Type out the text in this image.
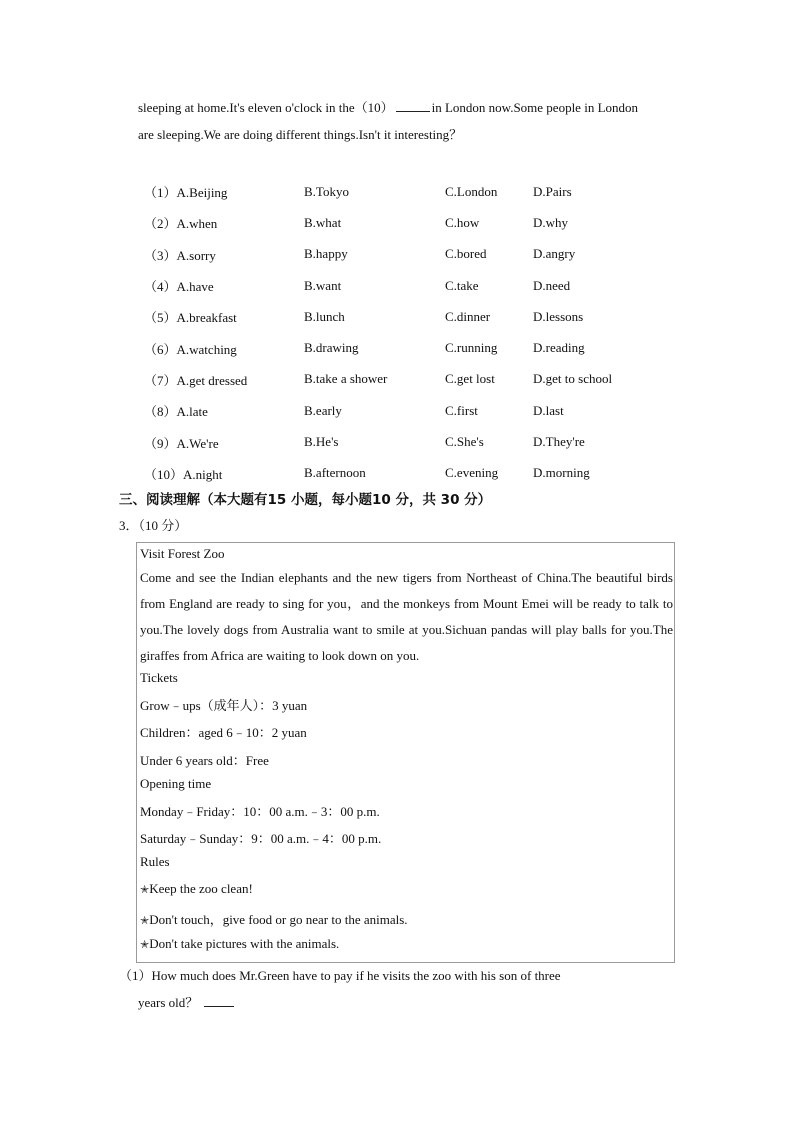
sleeping at home.It's eleven o'clock in the（10）	in London now.Some people in London
are sleeping.We are doing different things.Isn't it interesting？
（1）A.Beijing	B.Tokyo	C.London	D.Pairs
（2）A.when	B.what	C.how	D.why
（3）A.sorry	B.happy	C.bored	D.angry
（4）A.have	B.want	C.take	D.need
（5）A.breakfast	B.lunch	C.dinner	D.lessons
（6）A.watching	B.drawing	C.running	D.reading
（7）A.get dressed	B.take a shower	C.get lost	D.get to school
（8）A.late	B.early	C.first	D.last
（9）A.We're	B.He's	C.She's	D.They're
（10）A.night	B.afternoon	C.evening	D.morning
三、阅读理解（本大题有15 小题，每小题10 分，共 30 分）
3．（10 分）
Visit Forest Zoo
Come and see the Indian elephants and the new tigers from Northeast of China.The beautiful birds from England are ready to sing for you，and the monkeys from Mount Emei will be ready to talk to you.The lovely dogs from Australia want to smile at you.Sichuan pandas will play balls for you.The giraffes from Africa are waiting to look down on you.
Tickets
Grow﹣ups（成年人）：3 yuan
Children：aged 6﹣10：2 yuan
Under 6 years old：Free
Opening time
Monday﹣Friday：10：00 a.m.﹣3：00 p.m.
Saturday﹣Sunday：9：00 a.m.﹣4：00 p.m.
Rules
✭Keep the zoo clean!
✭Don't touch，give food or go near to the animals.
✭Don't take pictures with the animals.
（1）How much does Mr.Green have to pay if he visits the zoo with his son of three
years old？
